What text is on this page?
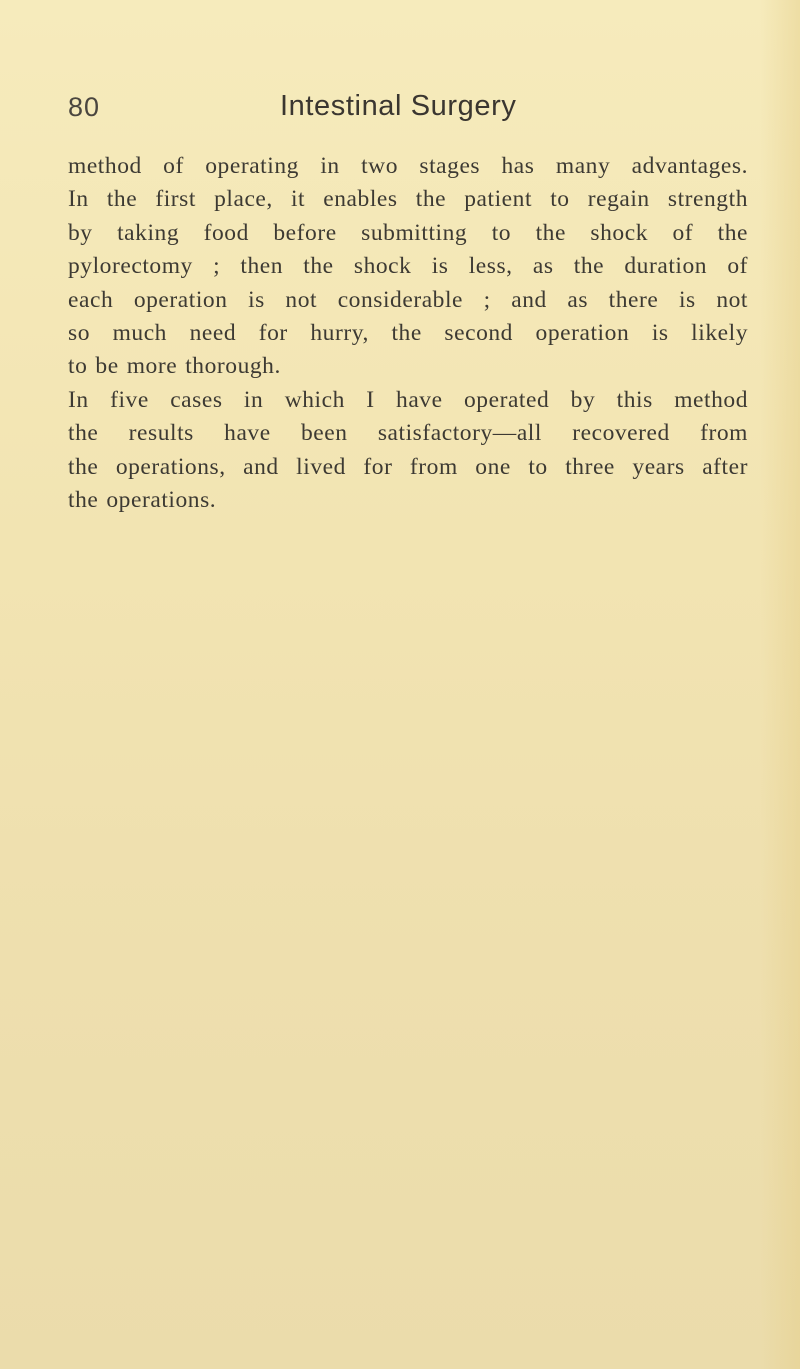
80	Intestinal Surgery
method of operating in two stages has many advantages.
In the first place, it enables the patient to regain strength
by taking food before submitting to the shock of the
pylorectomy ; then the shock is less, as the duration of
each operation is not considerable ; and as there is not
so much need for hurry, the second operation is likely
to be more thorough.
In five cases in which I have operated by this method
the results have been satisfactory—all recovered from
the operations, and lived for from one to three years after
the operations.
